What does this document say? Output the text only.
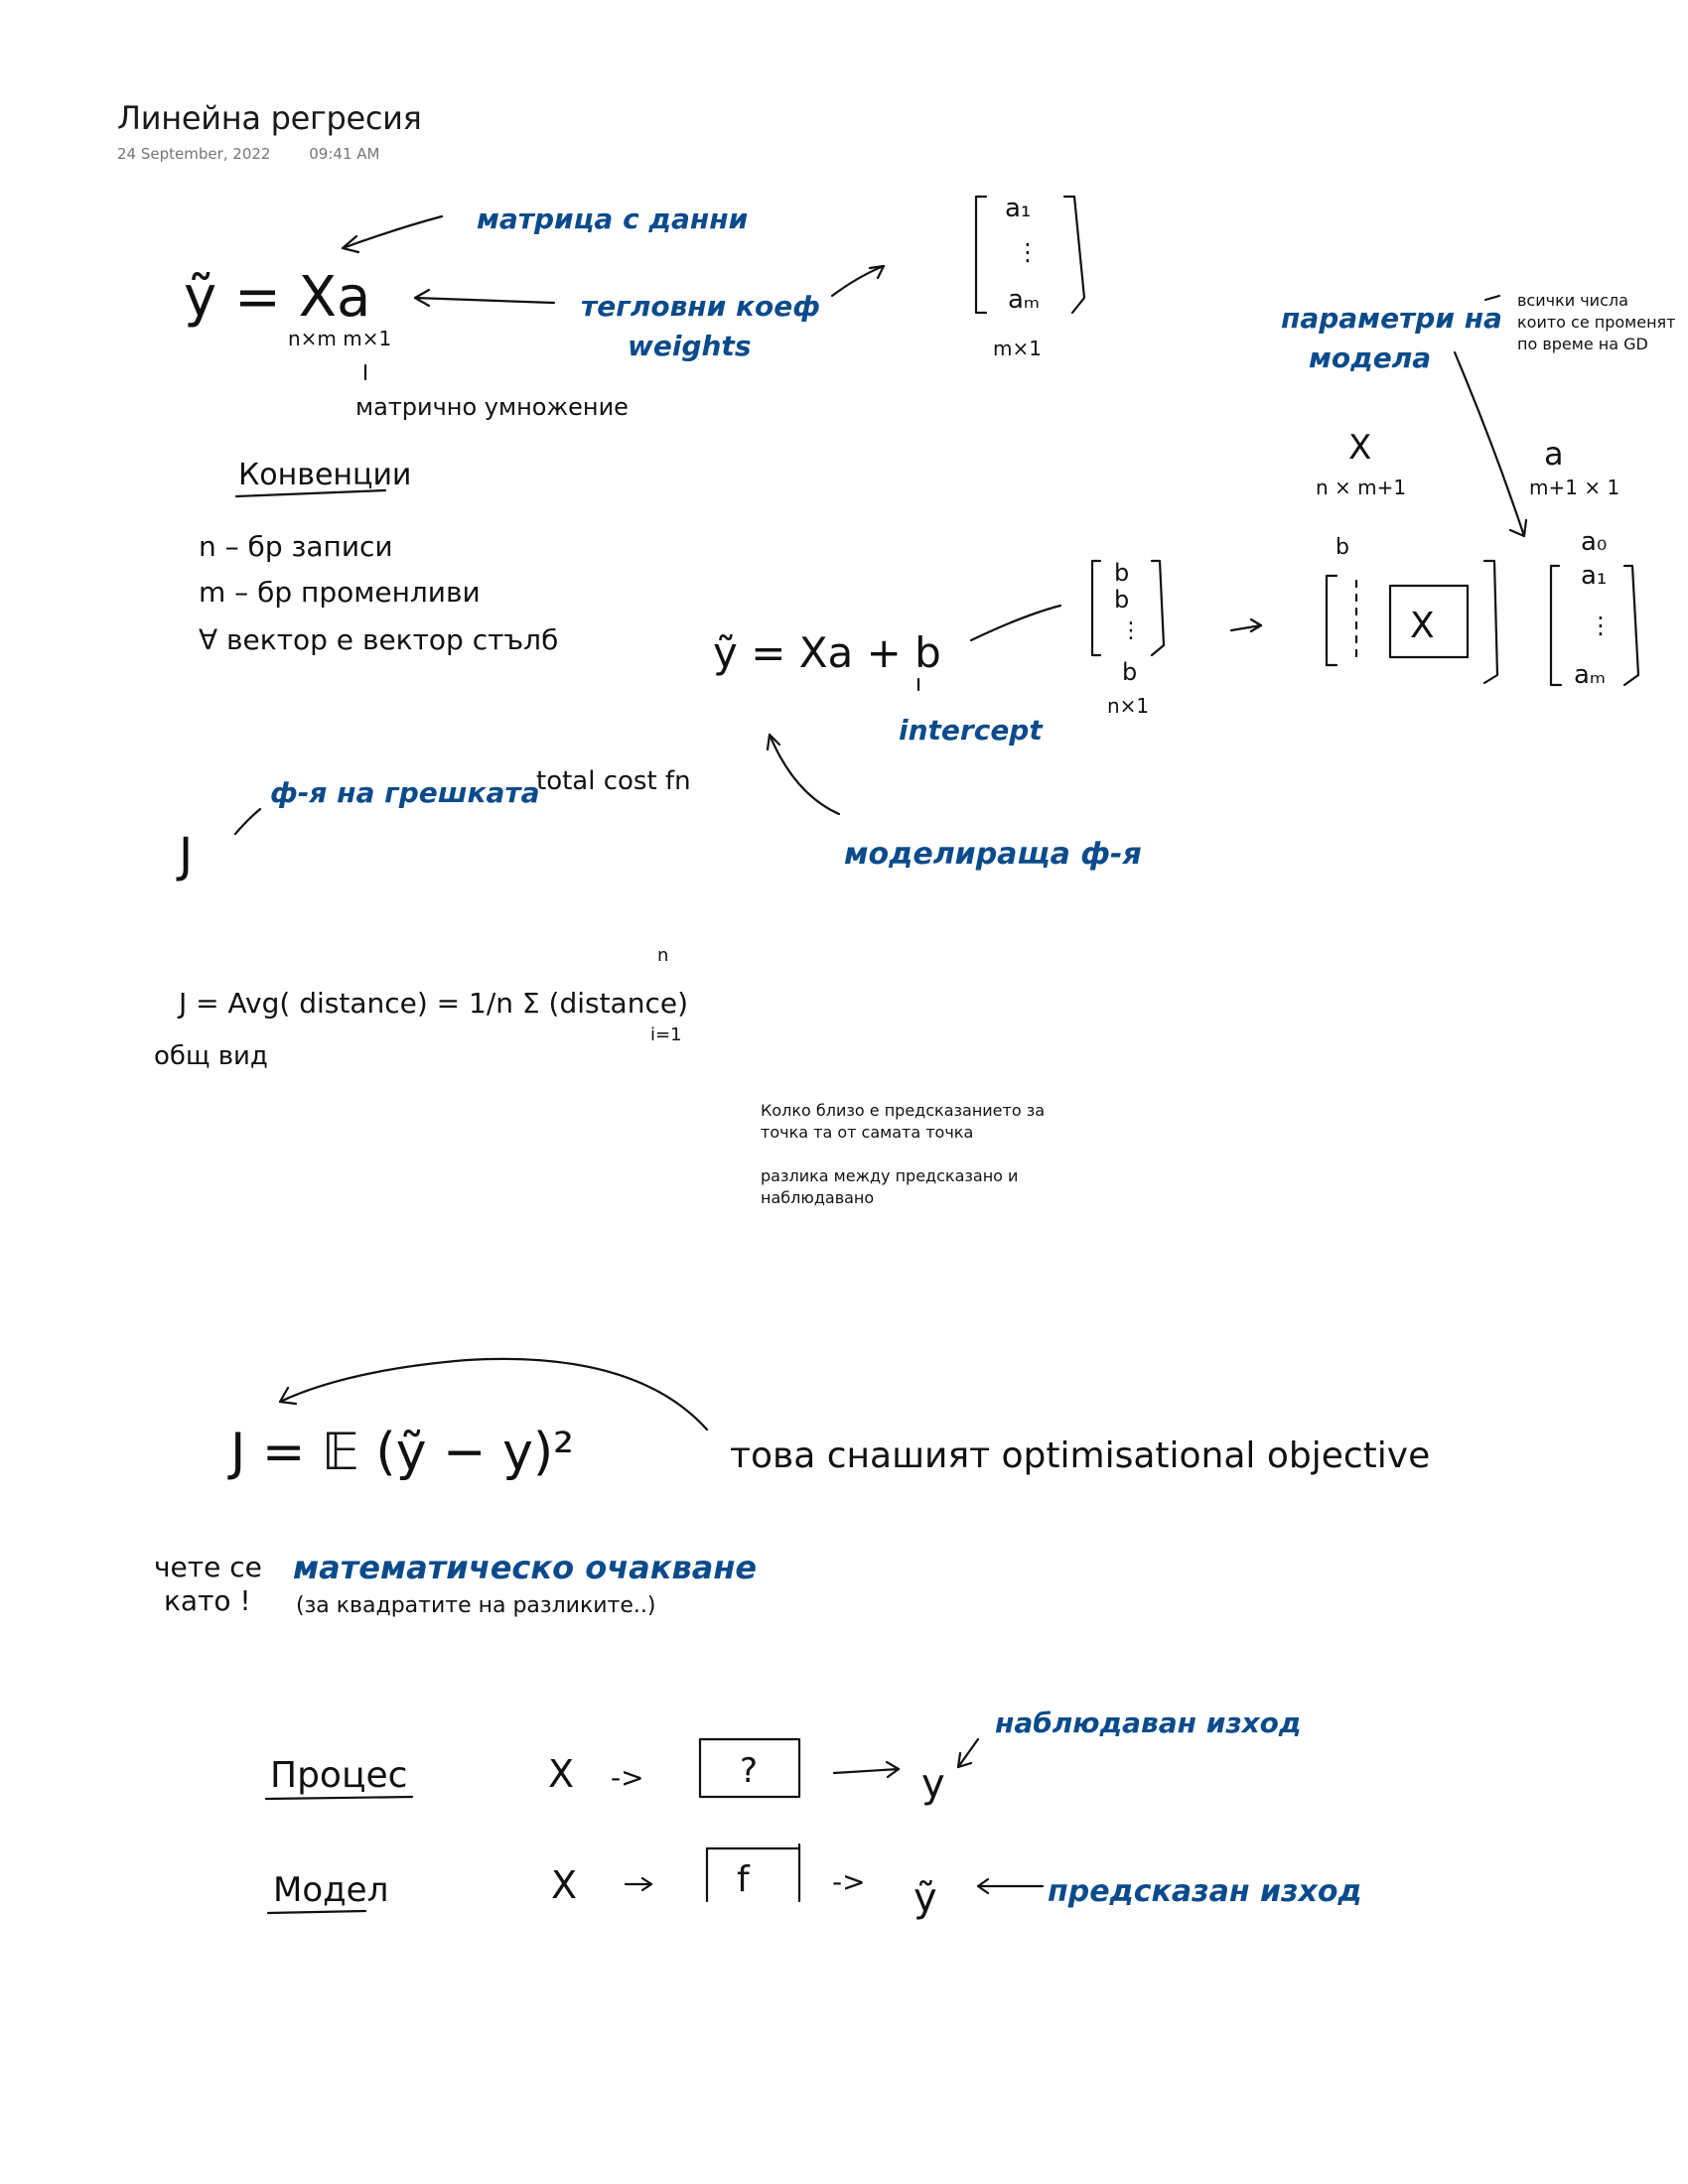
Линейна регресия
24 September, 2022	09:41 AM

всички числа

които се променят

по време на GD

Колко близо е предсказанието за

точка та от самата точка

разлика между предсказано и

наблюдавано

ỹ = Xa
n×m m×1
матрично умножение
матрица с данни
тегловни коеф
weights
a₁
⋮
aₘ
m×1
параметри на
модела
X
n × m+1
a
m+1 × 1
Конвенции
n – бр записи
m – бр променливи
∀ вектор е вектор стълб	ỹ = Xa + b
intercept
b
b
⋮
b
n×1
b
X
a₀
a₁
⋮
aₘ
моделираща ф-я
J
ф-я на грешката
total cost fn
J = Avg( distance) = 1/n Σ (distance)
n
i=1
общ вид
J = 𝔼 (ỹ − y)²	това снашият optimisational objective
чете се
като !
математическо очакване
(за квадратите на разликите..)
Процес	X ->	?	y
наблюдаван изход
Модел	X	f	-> ỹ	предсказан изход
